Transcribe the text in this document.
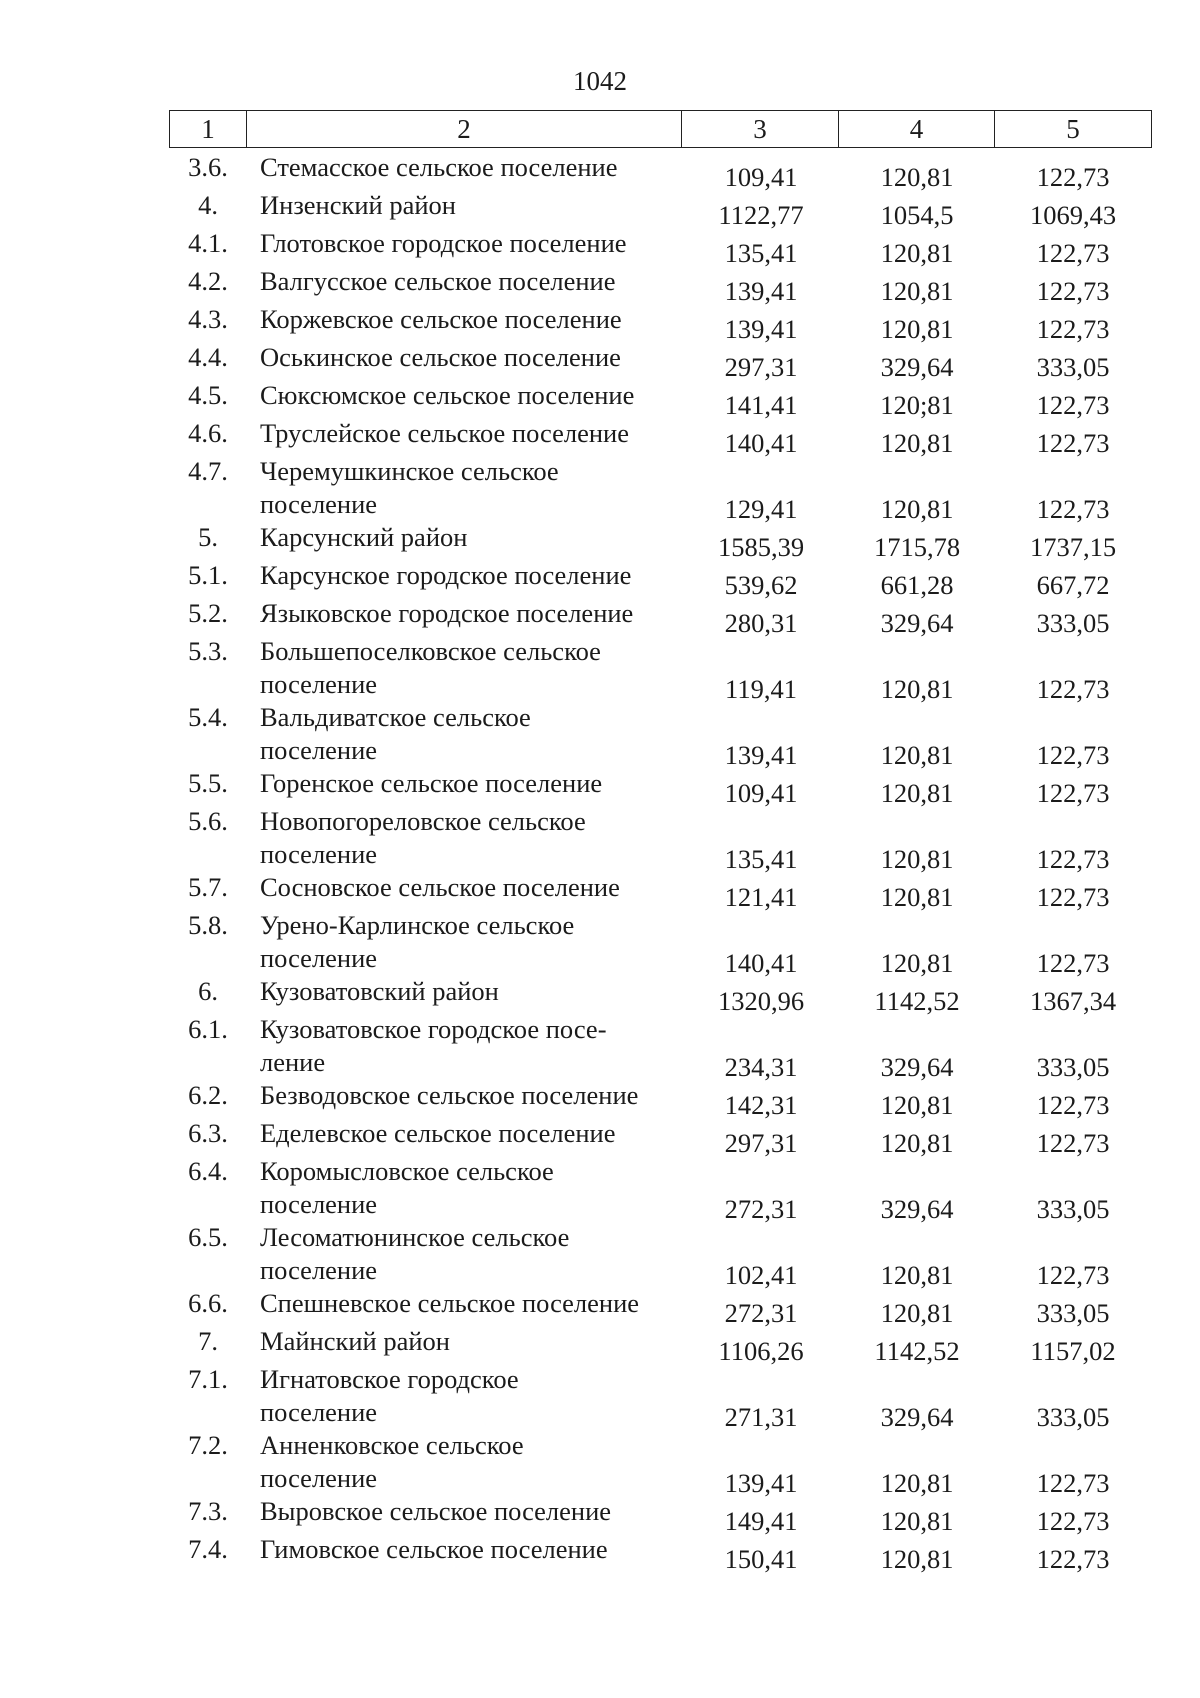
1042
1	2	3	4	5
3.6.	Стемасское сельское поселение	109,41	120,81	122,73
4.	Инзенский район	1122,77	1054,5	1069,43
4.1.	Глотовское городское поселение	135,41	120,81	122,73
4.2.	Валгусское сельское поселение	139,41	120,81	122,73
4.3.	Коржевское сельское поселение	139,41	120,81	122,73
4.4.	Оськинское сельское поселение	297,31	329,64	333,05
4.5.	Сюксюмское сельское поселение	141,41	120;81	122,73
4.6.	Труслейское сельское поселение	140,41	120,81	122,73
4.7.	Черемушкинское сельское
поселение	129,41	120,81	122,73
5.	Карсунский район	1585,39	1715,78	1737,15
5.1.	Карсунское городское поселение	539,62	661,28	667,72
5.2.	Языковское городское поселение	280,31	329,64	333,05
5.3.	Большепоселковское сельское
поселение	119,41	120,81	122,73
5.4.	Вальдиватское сельское
поселение	139,41	120,81	122,73
5.5.	Горенское сельское поселение	109,41	120,81	122,73
5.6.	Новопогореловское сельское
поселение	135,41	120,81	122,73
5.7.	Сосновское сельское поселение	121,41	120,81	122,73
5.8.	Урено-Карлинское сельское
поселение	140,41	120,81	122,73
6.	Кузоватовский район	1320,96	1142,52	1367,34
6.1.	Кузоватовское городское посе-
ление	234,31	329,64	333,05
6.2.	Безводовское сельское поселение	142,31	120,81	122,73
6.3.	Еделевское сельское поселение	297,31	120,81	122,73
6.4.	Коромысловское сельское
поселение	272,31	329,64	333,05
6.5.	Лесоматюнинское сельское
поселение	102,41	120,81	122,73
6.6.	Спешневское сельское поселение	272,31	120,81	333,05
7.	Майнский район	1106,26	1142,52	1157,02
7.1.	Игнатовское городское
поселение	271,31	329,64	333,05
7.2.	Анненковское сельское
поселение	139,41	120,81	122,73
7.3.	Выровское сельское поселение	149,41	120,81	122,73
7.4.	Гимовское сельское поселение	150,41	120,81	122,73
